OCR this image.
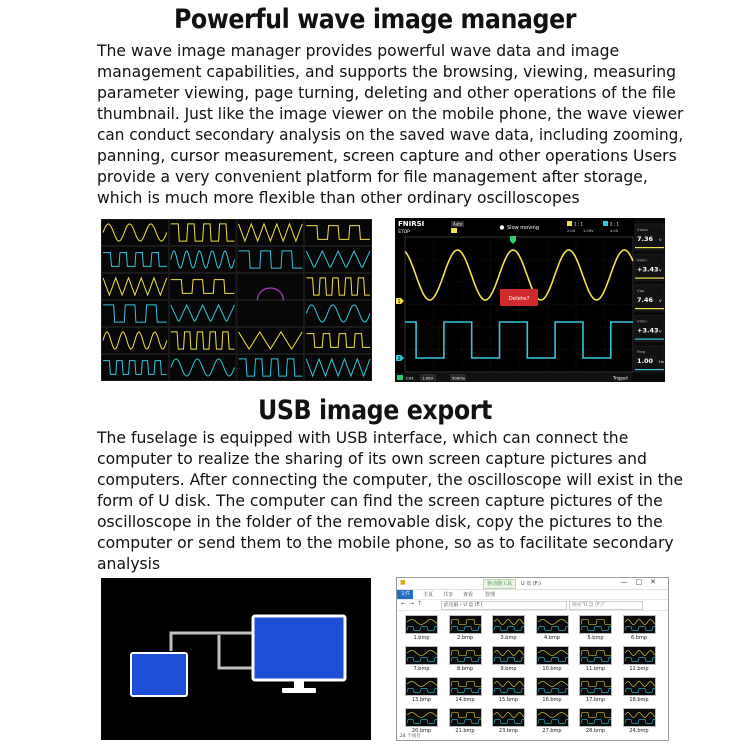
Powerful wave image manager
The wave image manager provides powerful wave data and image
management capabilities, and supports the browsing, viewing, measuring
parameter viewing, page turning, deleting and other operations of the file
thumbnail. Just like the image viewer on the mobile phone, the wave viewer
can conduct secondary analysis on the saved wave data, including zooming,
panning, cursor measurement, screen capture and other operations Users
provide a very convenient platform for file management after storage,
which is much more flexible than other ordinary oscilloscopes
FNIRSI
STOP
Auto
Slow moving
1 : 1	2 : 1
2.00 1.00V	4.00
1
2
Delete?
CH1 1.00V	500ms	Trigged
Vmax
7.36 V
Vmin
+3.43 V
Vpp
7.46 V
Vmin
+3.43 V
Freq
1.00 Hz
USB image export
The fuselage is equipped with USB interface, which can connect the
computer to realize the sharing of its own screen capture pictures and
computers. After connecting the computer, the oscilloscope will exist in the
form of U disk. The computer can find the screen capture pictures of the
oscilloscope in the folder of the removable disk, copy the pictures to the
computer or send them to the mobile phone, so as to facilitate secondary
analysis
■	驱动器工具	U 盘 (F:)	—□✕
文件	主页 共享 查看 管理
←→↑	此电脑 › U 盘 (F:)	搜索"U 盘 (F:)"
1.bmp	2.bmp	3.bmp	4.bmp	5.bmp	6.bmp
7.bmp	8.bmp	9.bmp	10.bmp	11.bmp	12.bmp
13.bmp	14.bmp	15.bmp	16.bmp	17.bmp	18.bmp
20.bmp	21.bmp	23.bmp	27.bmp	28.bmp	24.bmp
24 个项目
